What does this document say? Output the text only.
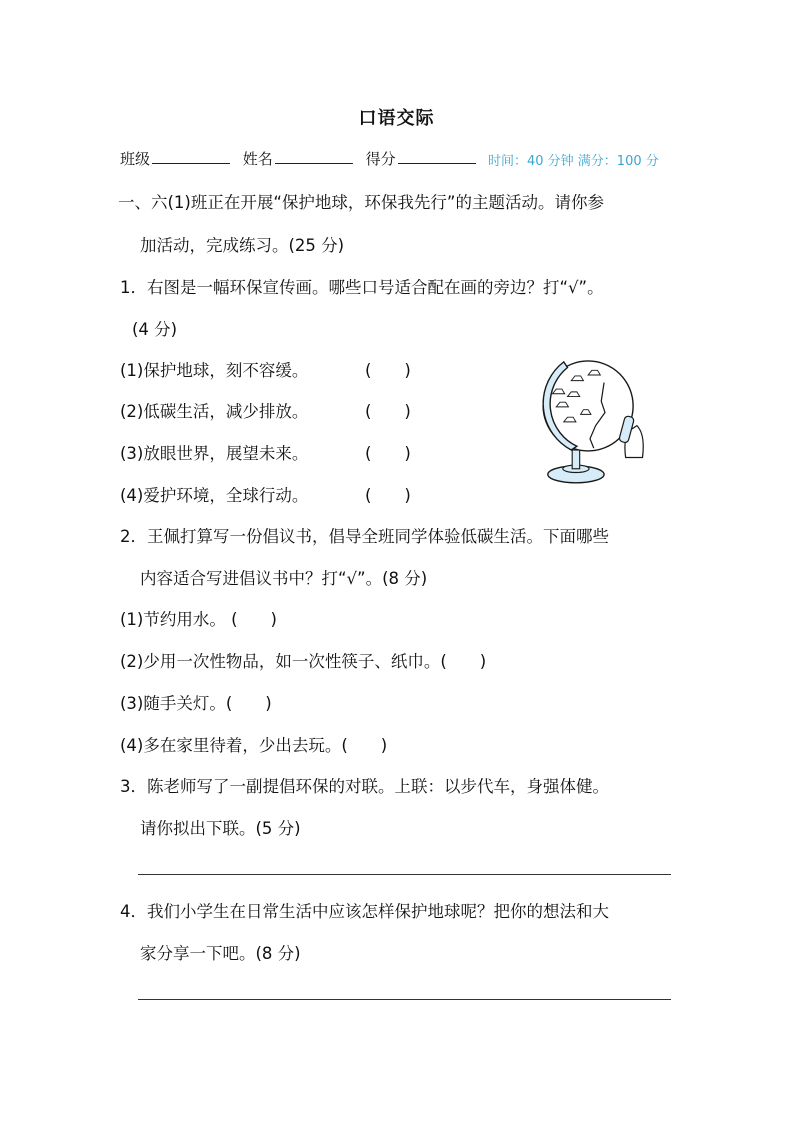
口语交际
班级	姓名	得分	时间：40 分钟 满分：100 分
一、六(1)班正在开展“保护地球，环保我先行”的主题活动。请你参
加活动，完成练习。(25 分)
1．右图是一幅环保宣传画。哪些口号适合配在画的旁边？打“√”。
(4 分)
(1)保护地球，刻不容缓。	(　　)
(2)低碳生活，减少排放。	(　　)
(3)放眼世界，展望未来。	(　　)
(4)爱护环境，全球行动。	(　　)
2．王佩打算写一份倡议书，倡导全班同学体验低碳生活。下面哪些
内容适合写进倡议书中？打“√”。(8 分)
(1)节约用水。 (　　)
(2)少用一次性物品，如一次性筷子、纸巾。(　　)
(3)随手关灯。(　　)
(4)多在家里待着，少出去玩。(　　)
3．陈老师写了一副提倡环保的对联。上联：以步代车，身强体健。
请你拟出下联。(5 分)
4．我们小学生在日常生活中应该怎样保护地球呢？把你的想法和大
家分享一下吧。(8 分)
